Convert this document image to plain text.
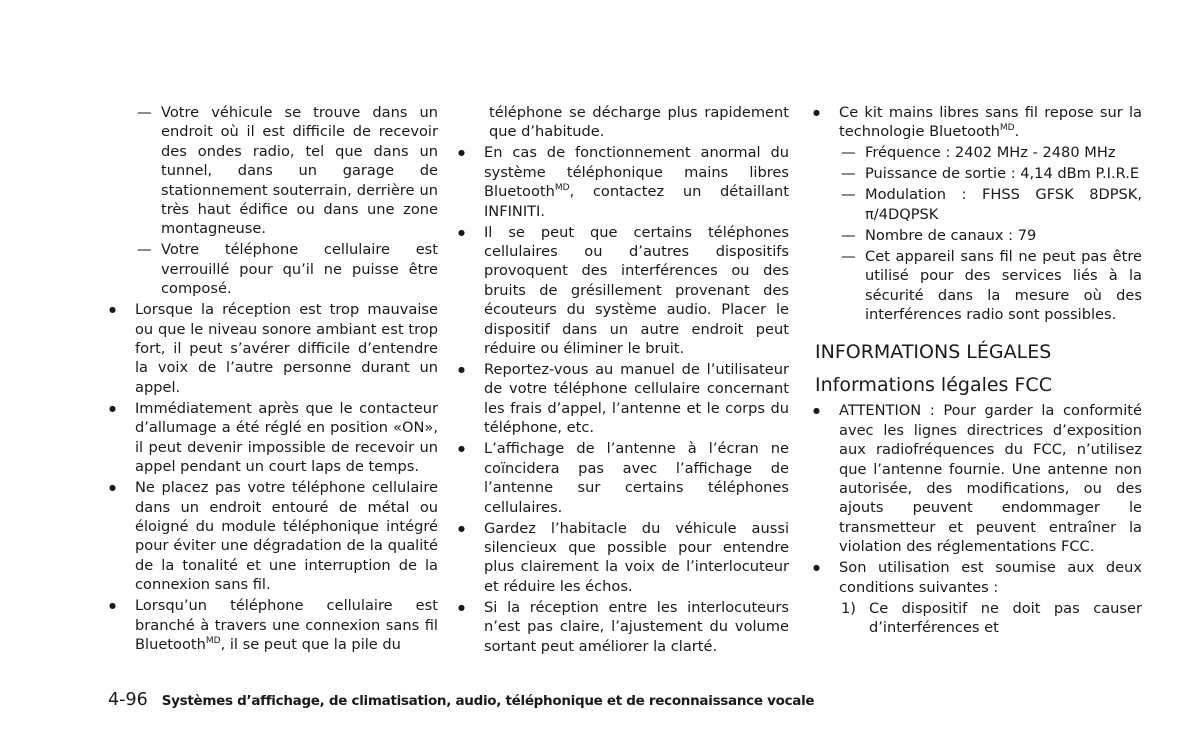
— Votre véhicule se trouve dans un endroit où il est difficile de recevoir des ondes radio, tel que dans un tunnel, dans un garage de stationnement souterrain, derrière un très haut édifice ou dans une zone montagneuse.
— Votre téléphone cellulaire est verrouillé pour qu’il ne puisse être composé.
● Lorsque la réception est trop mauvaise ou que le niveau sonore ambiant est trop fort, il peut s’avérer difficile d’entendre la voix de l’autre personne durant un appel.
● Immédiatement après que le contacteur d’allumage a été réglé en position «ON», il peut devenir impossible de recevoir un appel pendant un court laps de temps.
● Ne placez pas votre téléphone cellulaire dans un endroit entouré de métal ou éloigné du module téléphonique intégré pour éviter une dégradation de la qualité de la tonalité et une interruption de la connexion sans fil.
● Lorsqu’un téléphone cellulaire est branché à travers une connexion sans fil Bluetooth$^{MD}$, il se peut que la pile du
téléphone se décharge plus rapidement que d’habitude.
● En cas de fonctionnement anormal du système téléphonique mains libres Bluetooth$^{MD}$, contactez un détaillant INFINITI.
● Il se peut que certains téléphones cellulaires ou d’autres dispositifs provoquent des interférences ou des bruits de grésillement provenant des écouteurs du système audio. Placer le dispositif dans un autre endroit peut réduire ou éliminer le bruit.
● Reportez-vous au manuel de l’utilisateur de votre téléphone cellulaire concernant les frais d’appel, l’antenne et le corps du téléphone, etc.
● L’affichage de l’antenne à l’écran ne coïncidera pas avec l’affichage de l’antenne sur certains téléphones cellulaires.
● Gardez l’habitacle du véhicule aussi silencieux que possible pour entendre plus clairement la voix de l’interlocuteur et réduire les échos.
● Si la réception entre les interlocuteurs n’est pas claire, l’ajustement du volume sortant peut améliorer la clarté.
● Ce kit mains libres sans fil repose sur la technologie Bluetooth$^{MD}$.
— Fréquence : 2402 MHz - 2480 MHz
— Puissance de sortie : 4,14 dBm P.I.R.E
— Modulation : FHSS GFSK 8DPSK, π/4DQPSK
— Nombre de canaux : 79
— Cet appareil sans fil ne peut pas être utilisé pour des services liés à la sécurité dans la mesure où des interférences radio sont possibles.
INFORMATIONS LÉGALES
Informations légales FCC
● ATTENTION : Pour garder la conformité avec les lignes directrices d’exposition aux radiofréquences du FCC, n’utilisez que l’antenne fournie. Une antenne non autorisée, des modifications, ou des ajouts peuvent endommager le transmetteur et peuvent entraîner la violation des réglementations FCC.
● Son utilisation est soumise aux deux conditions suivantes :
1) Ce dispositif ne doit pas causer d’interférences et
4-96 Systèmes d’affichage, de climatisation, audio, téléphonique et de reconnaissance vocale
